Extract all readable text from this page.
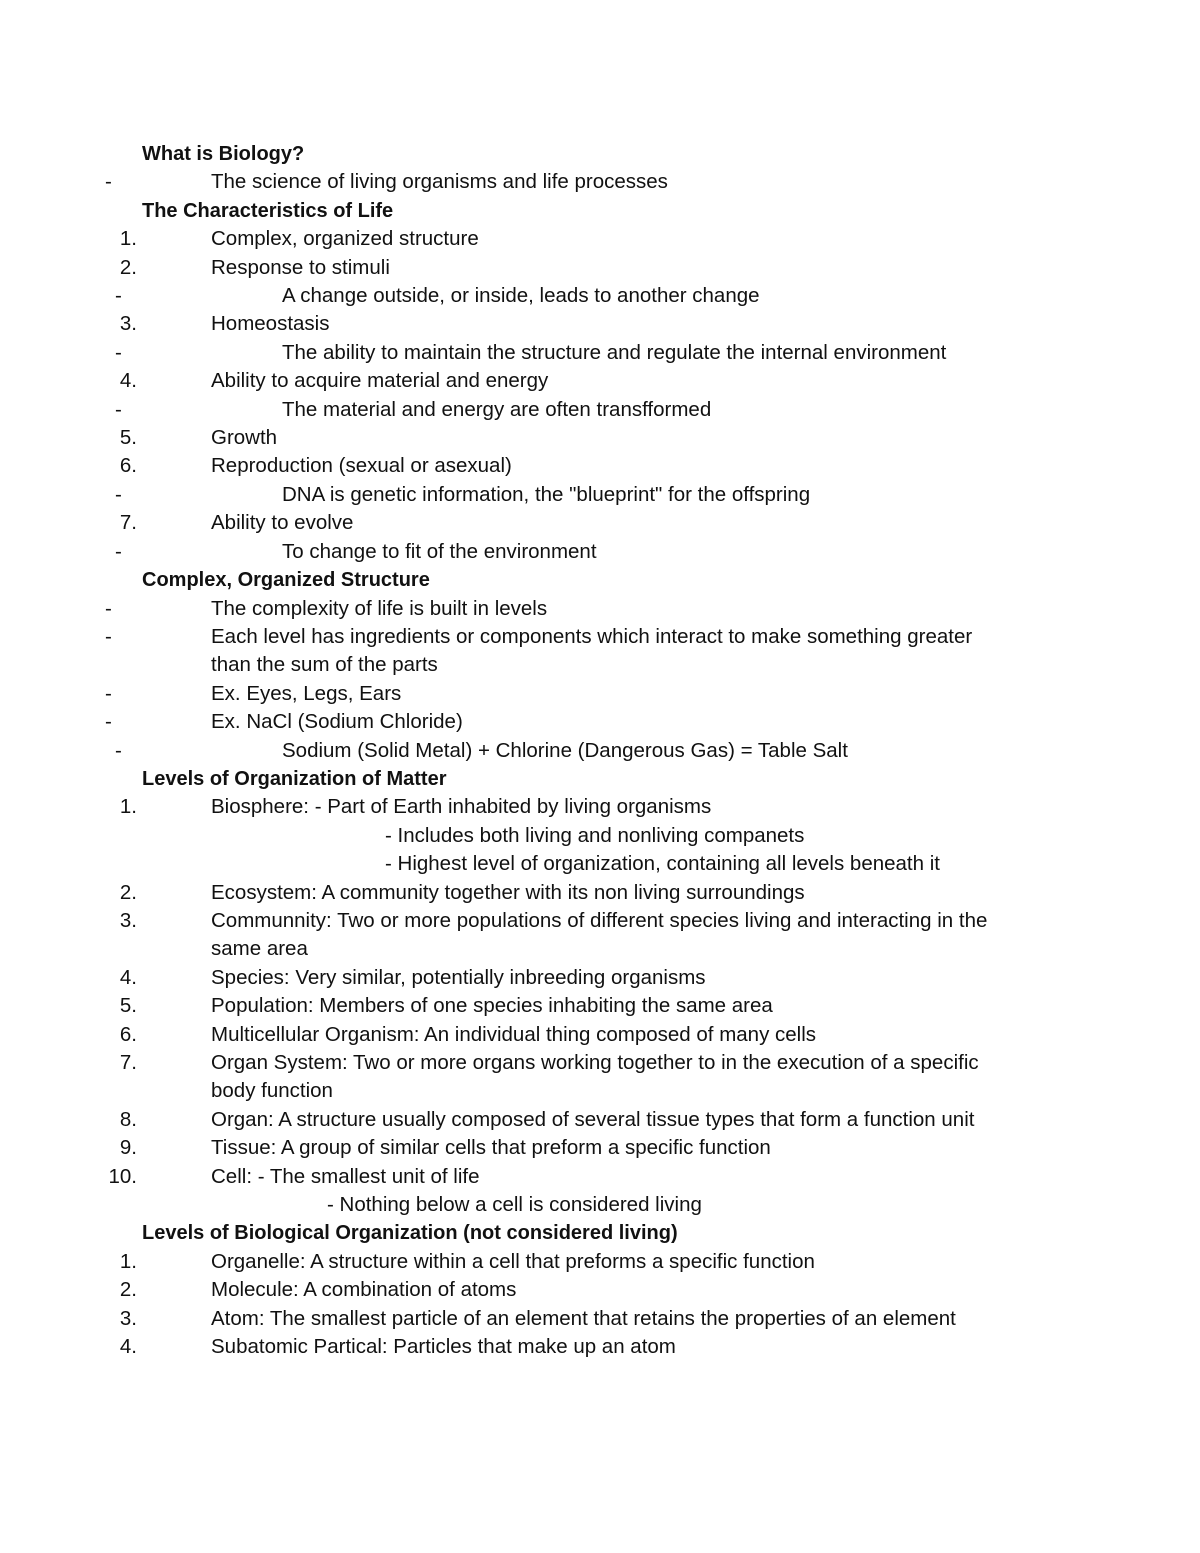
What is Biology?
-	The science of living organisms and life processes
The Characteristics of Life
1.	Complex, organized structure
2.	Response to stimuli
-	A change outside, or inside, leads to another change
3.	Homeostasis
-	The ability to maintain the structure and regulate the internal environment
4.	Ability to acquire material and energy
-	The material and energy are often transfformed
5.	Growth
6.	Reproduction (sexual or asexual)
-	DNA is genetic information, the "blueprint" for the offspring
7.	Ability to evolve
-	To change to fit of the environment
Complex, Organized Structure
-	The complexity of life is built in levels
-	Each level has ingredients or components which interact to make something greater
than the sum of the parts
-	Ex. Eyes, Legs, Ears
-	Ex. NaCl (Sodium Chloride)
-	Sodium (Solid Metal) + Chlorine (Dangerous Gas) = Table Salt
Levels of Organization of Matter
1.	Biosphere: - Part of Earth inhabited by living organisms
- Includes both living and nonliving companets
- Highest level of organization, containing all levels beneath it
2.	Ecosystem: A community together with its non living surroundings
3.	Communnity: Two or more populations of different species living and interacting in the
same area
4.	Species: Very similar, potentially inbreeding organisms
5.	Population: Members of one species inhabiting the same area
6.	Multicellular Organism: An individual thing composed of many cells
7.	Organ System: Two or more organs working together to in the execution of a specific
body function
8.	Organ: A structure usually composed of several tissue types that form a function unit
9.	Tissue: A group of similar cells that preform a specific function
10.	Cell: - The smallest unit of life
- Nothing below a cell is considered living
Levels of Biological Organization (not considered living)
1.	Organelle: A structure within a cell that preforms a specific function
2.	Molecule: A combination of atoms
3.	Atom: The smallest particle of an element that retains the properties of an element
4.	Subatomic Partical: Particles that make up an atom
